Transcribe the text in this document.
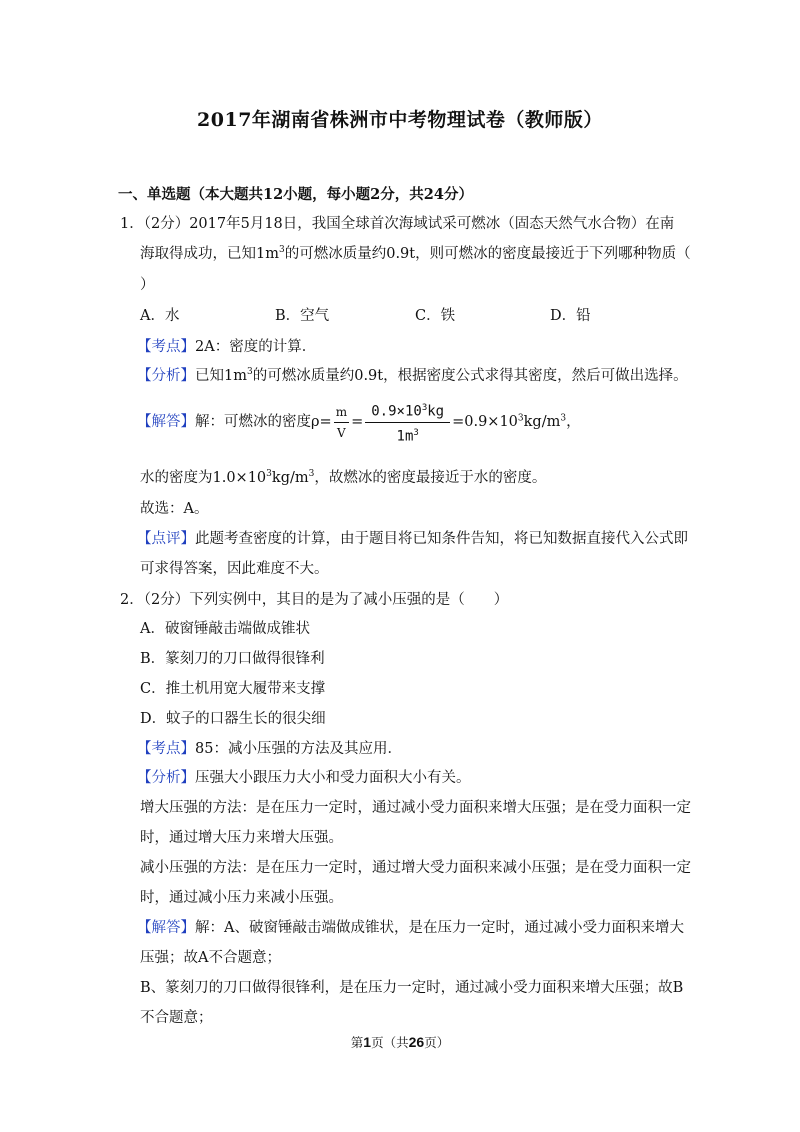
2017年湖南省株洲市中考物理试卷（教师版）
一、单选题（本大题共12小题，每小题2分，共24分）
1．（2分）2017年5月18日，我国全球首次海域试采可燃冰（固态天然气水合物）在南
海取得成功，已知$1m^3$的可燃冰质量约0.9t，则可燃冰的密度最接近于下列哪种物质（
）
A．水	B．空气	C．铁	D．铅
【考点】2A：密度的计算．
【分析】已知$1m^3$的可燃冰质量约0.9t，根据密度公式求得其密度，然后可做出选择。
【解答】解：可燃冰的密度$\rho= \frac{m}{V} = \frac{0.9\times 10^3kg}{1m^3} =0.9\times 10^3kg/m^3$，
水的密度为$1.0\times 10^3kg/m^3$，故燃冰的密度最接近于水的密度。
故选：A。
【点评】此题考查密度的计算，由于题目将已知条件告知，将已知数据直接代入公式即
可求得答案，因此难度不大。
2．（2分）下列实例中，其目的是为了减小压强的是（　　）
A．破窗锤敲击端做成锥状
B．篆刻刀的刀口做得很锋利
C．推土机用宽大履带来支撑
D．蚊子的口器生长的很尖细
【考点】85：减小压强的方法及其应用．
【分析】压强大小跟压力大小和受力面积大小有关。
增大压强的方法：是在压力一定时，通过减小受力面积来增大压强；是在受力面积一定
时，通过增大压力来增大压强。
减小压强的方法：是在压力一定时，通过增大受力面积来减小压强；是在受力面积一定
时，通过减小压力来减小压强。
【解答】解：A、破窗锤敲击端做成锥状，是在压力一定时，通过减小受力面积来增大
压强；故A不合题意；
B、篆刻刀的刀口做得很锋利，是在压力一定时，通过减小受力面积来增大压强；故B
不合题意；
第1页（共26页）
